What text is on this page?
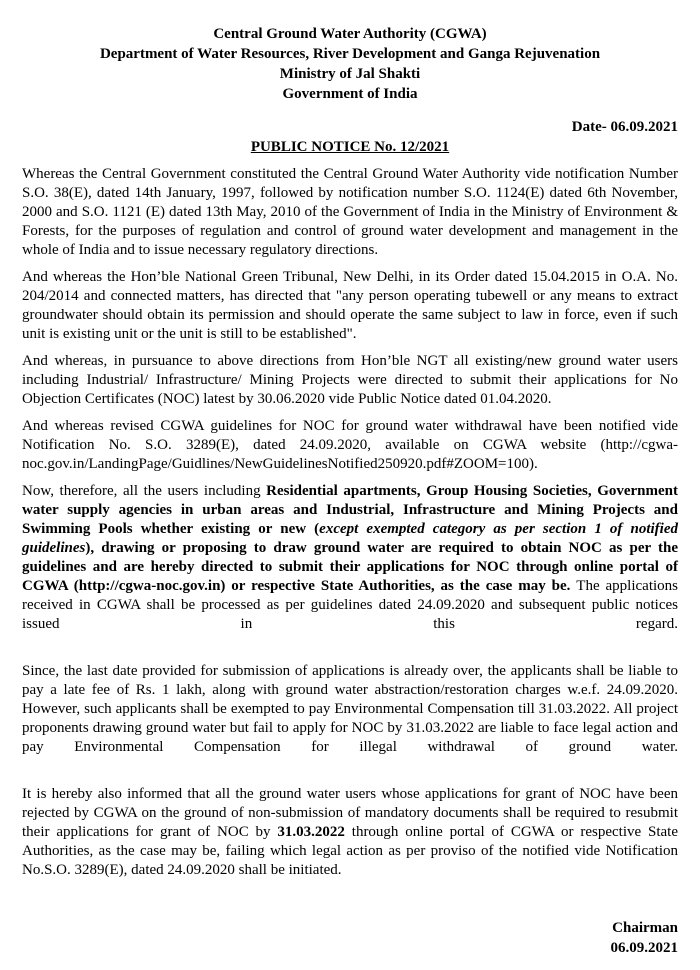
Central Ground Water Authority (CGWA)
Department of Water Resources, River Development and Ganga Rejuvenation
Ministry of Jal Shakti
Government of India
Date- 06.09.2021
PUBLIC NOTICE No. 12/2021

Whereas the Central Government constituted the Central Ground Water Authority vide notification Number S.O. 38(E), dated 14th January, 1997, followed by notification number S.O. 1124(E) dated 6th November, 2000 and S.O. 1121 (E) dated 13th May, 2010 of the Government of India in the Ministry of Environment & Forests, for the purposes of regulation and control of ground water development and management in the whole of India and to issue necessary regulatory directions.

And whereas the Hon’ble National Green Tribunal, New Delhi, in its Order dated 15.04.2015 in O.A. No. 204/2014 and connected matters, has directed that "any person operating tubewell or any means to extract groundwater should obtain its permission and should operate the same subject to law in force, even if such unit is existing unit or the unit is still to be established".

And whereas, in pursuance to above directions from Hon’ble NGT all existing/new ground water users including Industrial/ Infrastructure/ Mining Projects were directed to submit their applications for No Objection Certificates (NOC) latest by 30.06.2020 vide Public Notice dated 01.04.2020.

And whereas revised CGWA guidelines for NOC for ground water withdrawal have been notified vide Notification No. S.O. 3289(E), dated 24.09.2020, available on CGWA website (http://cgwa-noc.gov.in/LandingPage/Guidlines/NewGuidelinesNotified250920.pdf#ZOOM=100).

Now, therefore, all the users including Residential apartments, Group Housing Societies, Government water supply agencies in urban areas and Industrial, Infrastructure and Mining Projects and Swimming Pools whether existing or new (except exempted category as per section 1 of notified guidelines), drawing or proposing to draw ground water are required to obtain NOC as per the guidelines and are hereby directed to submit their applications for NOC through online portal of CGWA (http://cgwa-noc.gov.in) or respective State Authorities, as the case may be. The applications received in CGWA shall be processed as per guidelines dated 24.09.2020 and subsequent public notices issued in this regard.

Since, the last date provided for submission of applications is already over, the applicants shall be liable to pay a late fee of Rs. 1 lakh, along with ground water abstraction/restoration charges w.e.f. 24.09.2020. However, such applicants shall be exempted to pay Environmental Compensation till 31.03.2022. All project proponents drawing ground water but fail to apply for NOC by 31.03.2022 are liable to face legal action and pay Environmental Compensation for illegal withdrawal of ground water.

It is hereby also informed that all the ground water users whose applications for grant of NOC have been rejected by CGWA on the ground of non-submission of mandatory documents shall be required to resubmit their applications for grant of NOC by 31.03.2022 through online portal of CGWA or respective State Authorities, as the case may be, failing which legal action as per proviso of the notified vide Notification No.S.O. 3289(E), dated 24.09.2020 shall be initiated.

Chairman
06.09.2021
